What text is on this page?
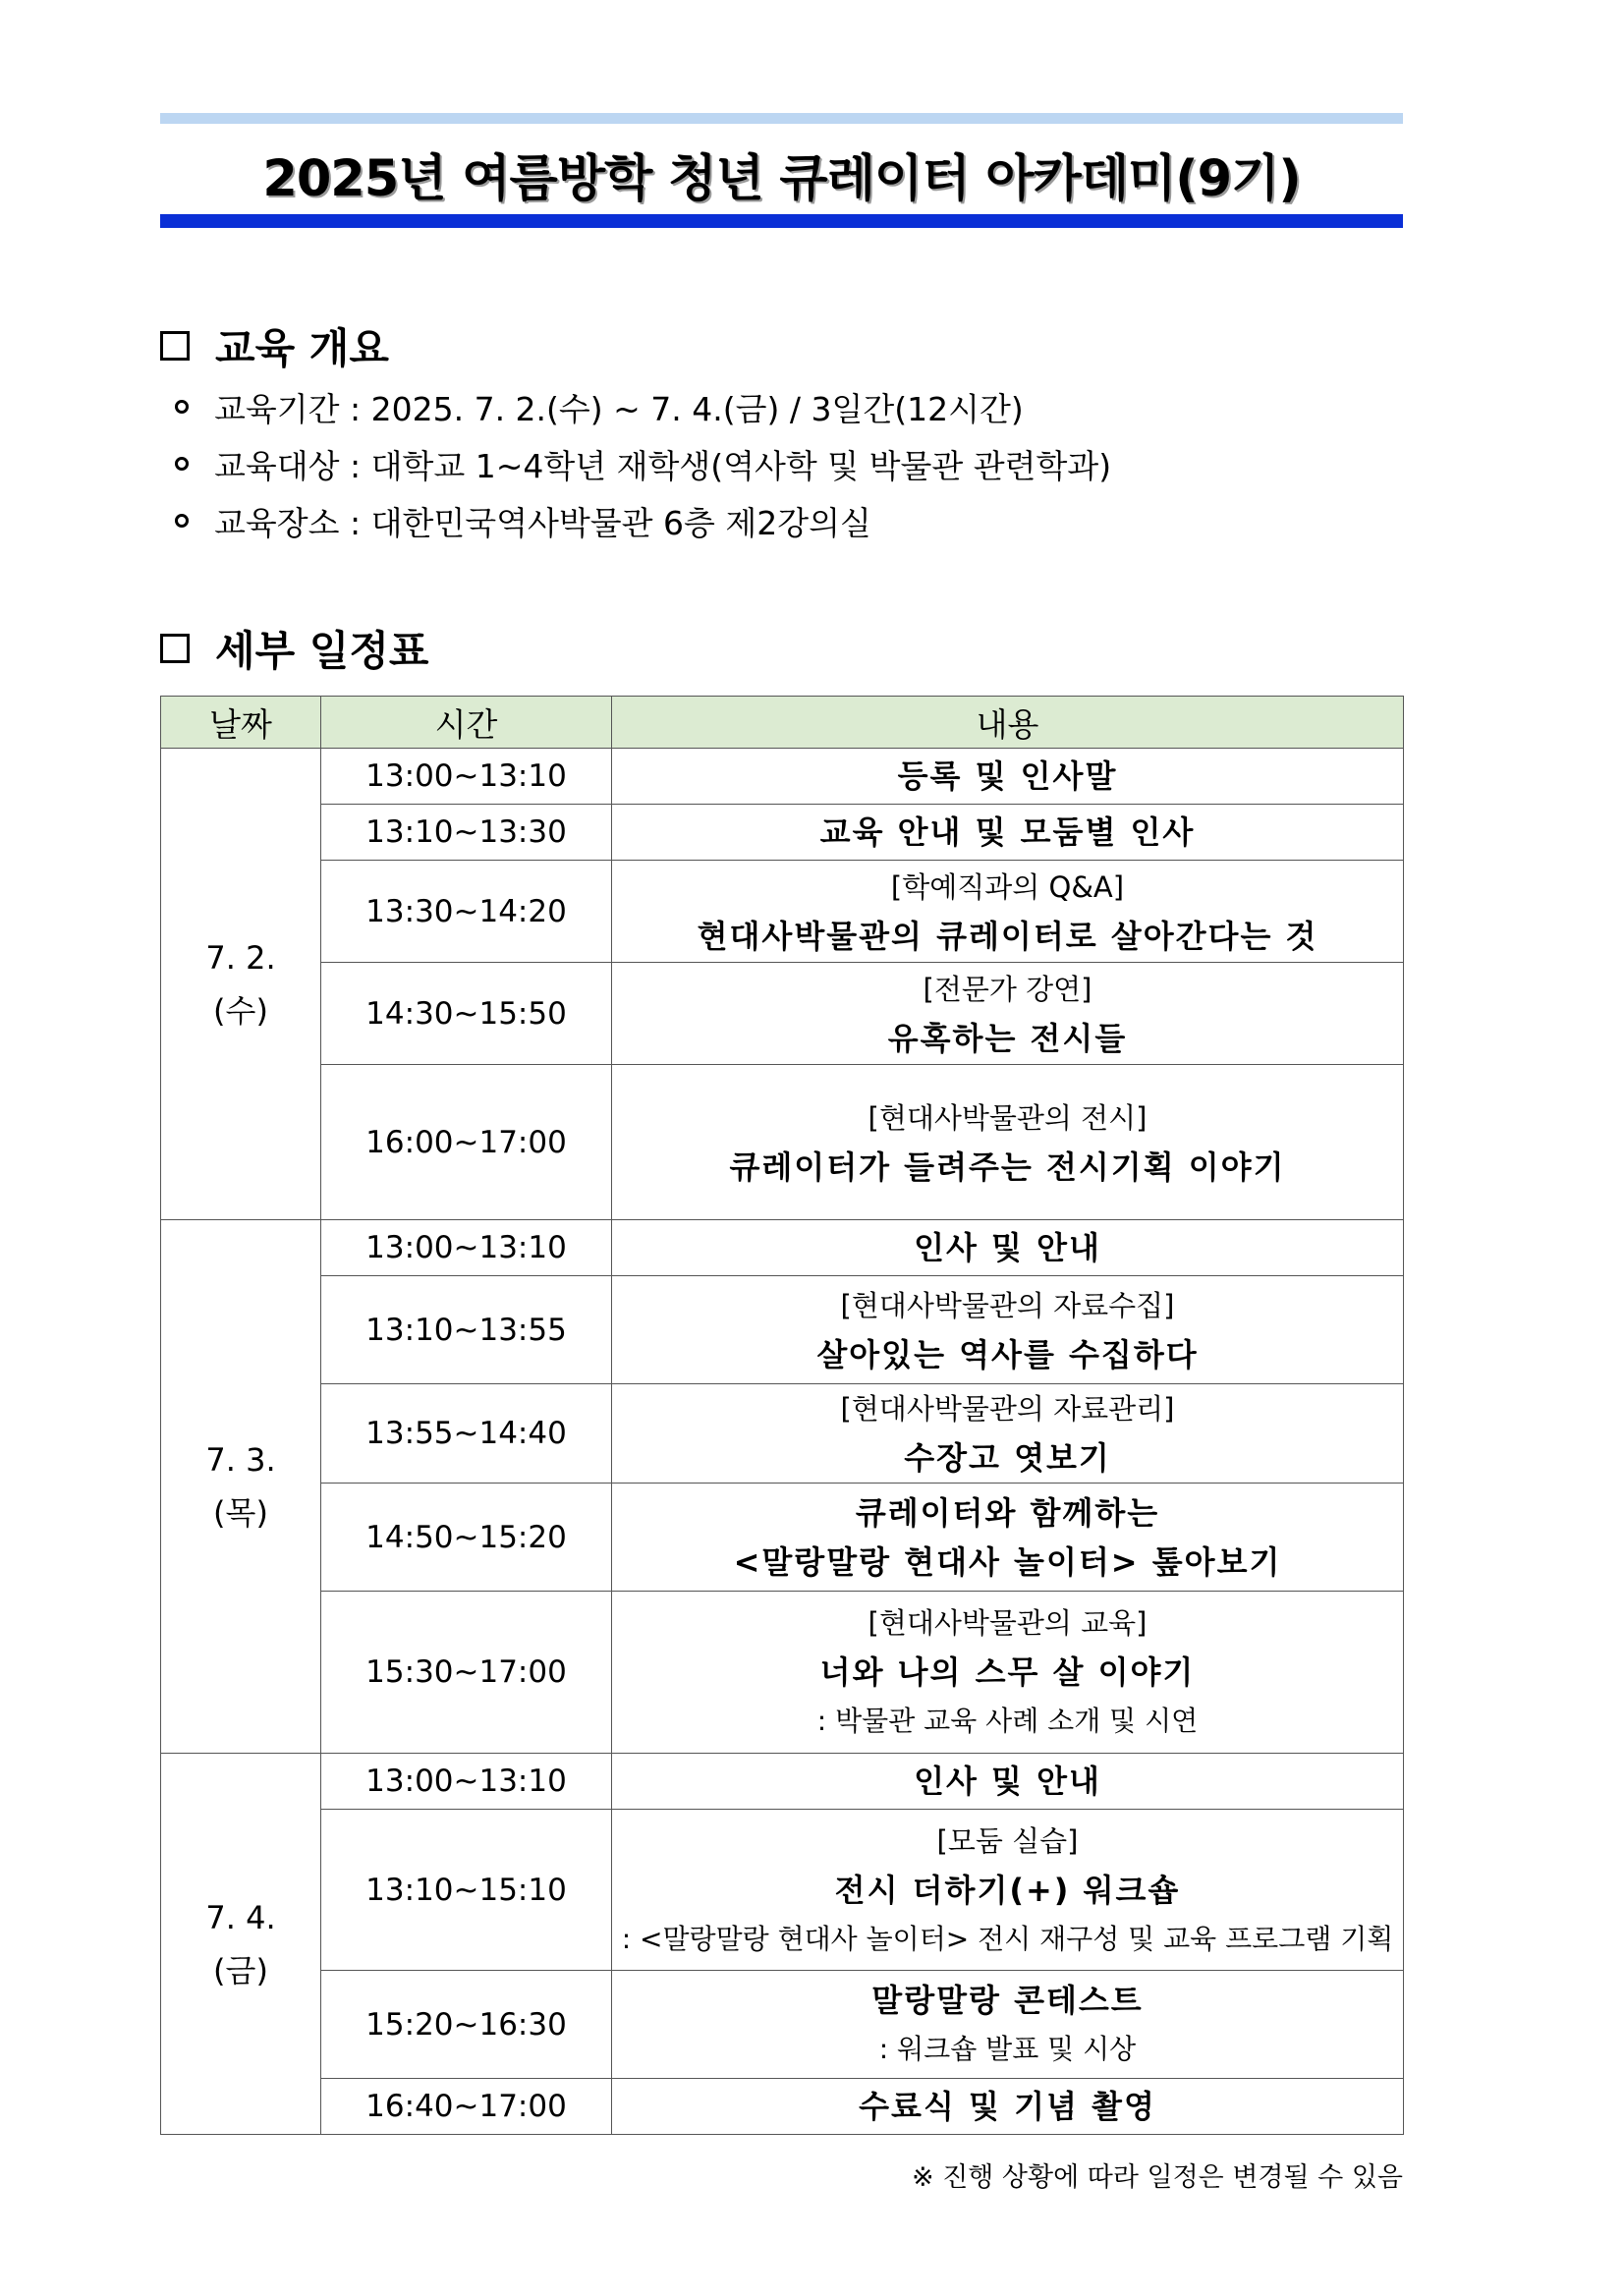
2025년 여름방학 청년 큐레이터 아카데미(9기)
교육 개요
교육기간 : 2025. 7. 2.(수) ~ 7. 4.(금) / 3일간(12시간)
교육대상 : 대학교 1~4학년 재학생(역사학 및 박물관 관련학과)
교육장소 : 대한민국역사박물관 6층 제2강의실
세부 일정표
날짜	시간	내용

7. 2.
(수)	13:00~13:10	등록 및 인사말

	13:10~13:30	교육 안내 및 모둠별 인사

	13:30~14:20	[학예직과의 Q&A]
현대사박물관의 큐레이터로 살아간다는 것

	14:30~15:50	[전문가 강연]
유혹하는 전시들

	16:00~17:00	[현대사박물관의 전시]
큐레이터가 들려주는 전시기획 이야기

7. 3.
(목)	13:00~13:10	인사 및 안내

	13:10~13:55	[현대사박물관의 자료수집]
살아있는 역사를 수집하다

	13:55~14:40	[현대사박물관의 자료관리]
수장고 엿보기

	14:50~15:20	큐레이터와 함께하는
<말랑말랑 현대사 놀이터> 톺아보기

	15:30~17:00	[현대사박물관의 교육]
너와 나의 스무 살 이야기
: 박물관 교육 사례 소개 및 시연

7. 4.
(금)	13:00~13:10	인사 및 안내

	13:10~15:10	[모둠 실습]
전시 더하기(+) 워크숍
: <말랑말랑 현대사 놀이터> 전시 재구성 및 교육 프로그램 기획

	15:20~16:30	말랑말랑 콘테스트
: 워크숍 발표 및 시상

	16:40~17:00	수료식 및 기념 촬영
※ 진행 상황에 따라 일정은 변경될 수 있음
